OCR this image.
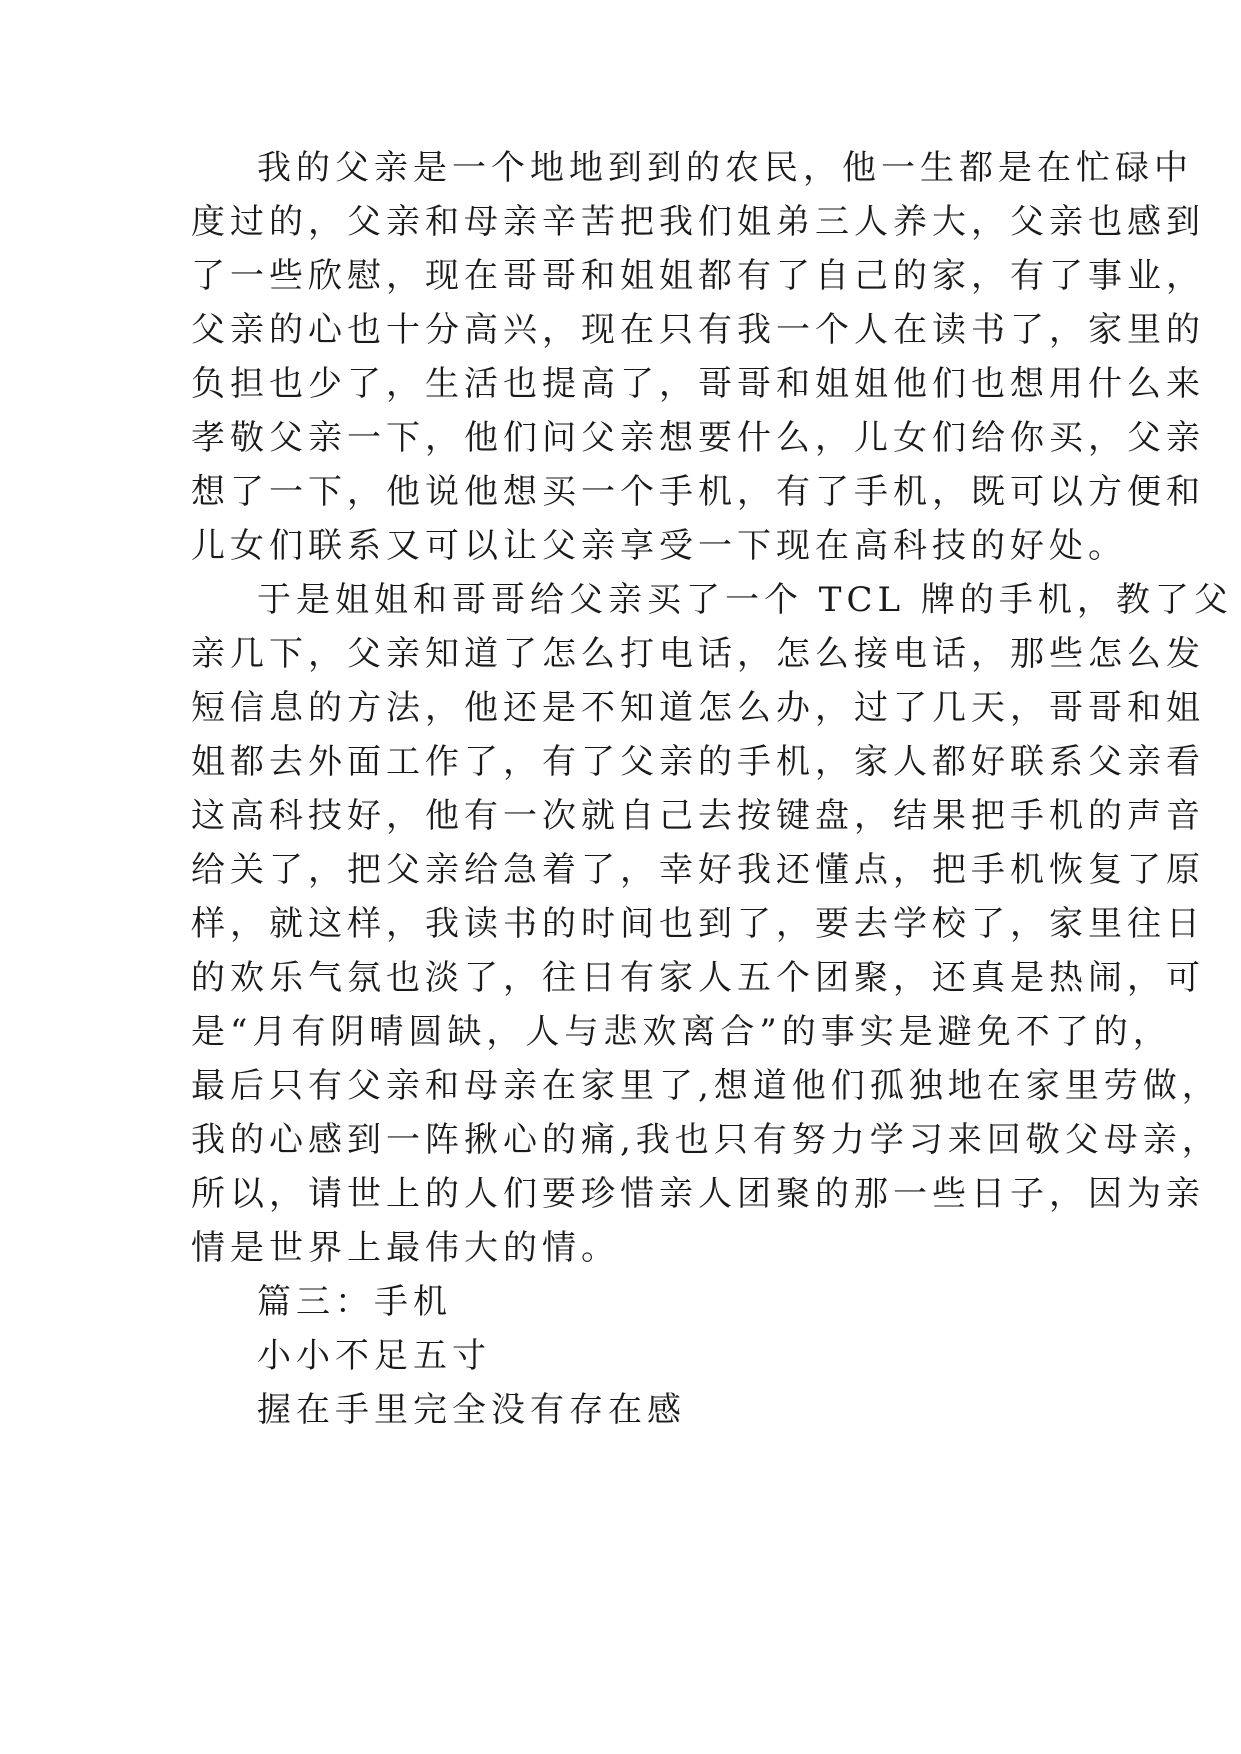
我的父亲是一个地地到到的农民，他一生都是在忙碌中
度过的，父亲和母亲辛苦把我们姐弟三人养大，父亲也感到
了一些欣慰，现在哥哥和姐姐都有了自己的家，有了事业，
父亲的心也十分高兴，现在只有我一个人在读书了，家里的
负担也少了，生活也提高了，哥哥和姐姐他们也想用什么来
孝敬父亲一下，他们问父亲想要什么，儿女们给你买，父亲
想了一下，他说他想买一个手机，有了手机，既可以方便和
儿女们联系又可以让父亲享受一下现在高科技的好处。
于是姐姐和哥哥给父亲买了一个 TCL 牌的手机，教了父
亲几下，父亲知道了怎么打电话，怎么接电话，那些怎么发
短信息的方法，他还是不知道怎么办，过了几天，哥哥和姐
姐都去外面工作了，有了父亲的手机，家人都好联系父亲看
这高科技好，他有一次就自己去按键盘，结果把手机的声音
给关了，把父亲给急着了，幸好我还懂点，把手机恢复了原
样，就这样，我读书的时间也到了，要去学校了，家里往日
的欢乐气氛也淡了，往日有家人五个团聚，还真是热闹，可
是“月有阴晴圆缺，人与悲欢离合”的事实是避免不了的，
最后只有父亲和母亲在家里了,想道他们孤独地在家里劳做，
我的心感到一阵揪心的痛,我也只有努力学习来回敬父母亲，
所以，请世上的人们要珍惜亲人团聚的那一些日子，因为亲
情是世界上最伟大的情。
篇三：手机
小小不足五寸
握在手里完全没有存在感
